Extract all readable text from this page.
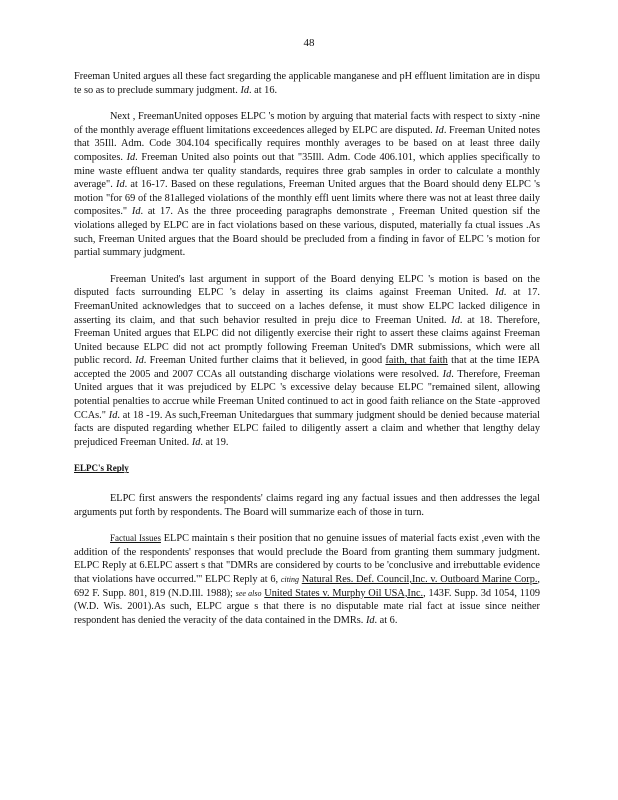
48

Freeman United argues all these fact sregarding the applicable manganese and pH effluent limitation are in dispu te so as to preclude summary judgment. Id. at 16.

Next , FreemanUnited opposes ELPC 's motion by arguing that material facts with respect to sixty -nine of the monthly average effluent limitations exceedences alleged by ELPC are disputed. Id. Freeman United notes that 35Ill. Adm. Code 304.104 specifically requires monthly averages to be based on at least three daily composites. Id. Freeman United also points out that "35Ill. Adm. Code 406.101, which applies specifically to mine waste effluent andwa ter quality standards, requires three grab samples in order to calculate a monthly average". Id. at 16-17. Based on these regulations, Freeman United argues that the Board should deny ELPC 's motion "for 69 of the 81alleged violations of the monthly effl uent limits where there was not at least three daily composites." Id. at 17. As the three proceeding paragraphs demonstrate , Freeman United question sif the violations alleged by ELPC are in fact violations based on these various, disputed, materially fa ctual issues .As such, Freeman United argues that the Board should be precluded from a finding in favor of ELPC 's motion for partial summary judgment.

Freeman United's last argument in support of the Board denying ELPC 's motion is based on the disputed facts surrounding ELPC 's delay in asserting its claims against Freeman United. Id. at 17. FreemanUnited acknowledges that to succeed on a laches defense, it must show ELPC lacked diligence in asserting its claim, and that such behavior resulted in preju dice to Freeman United. Id. at 18. Therefore, Freeman United argues that ELPC did not diligently exercise their right to assert these claims against Freeman United because ELPC did not act promptly following Freeman United's DMR submissions, which were all public record. Id. Freeman United further claims that it believed, in good faith, that faith that at the time IEPA accepted the 2005 and 2007 CCAs all outstanding discharge violations were resolved. Id. Therefore, Freeman United argues that it was prejudiced by ELPC 's excessive delay because ELPC "remained silent, allowing potential penalties to accrue while Freeman United continued to act in good faith reliance on the State -approved CCAs." Id. at 18 -19. As such,Freeman Unitedargues that summary judgment should be denied because material facts are disputed regarding whether ELPC failed to diligently assert a claim and whether that lengthy delay prejudiced Freeman United. Id. at 19.

ELPC's Reply

ELPC first answers the respondents' claims regard ing any factual issues and then addresses the legal arguments put forth by respondents. The Board will summarize each of those in turn.

Factual Issues ELPC maintain s their position that no genuine issues of material facts exist ,even with the addition of the respondents' responses that would preclude the Board from granting them summary judgment. ELPC Reply at 6.ELPC assert s that "DMRs are considered by courts to be 'conclusive and irrebuttable evidence that violations have occurred.'" ELPC Reply at 6, citing Natural Res. Def. Council,Inc. v. Outboard Marine Corp., 692 F. Supp. 801, 819 (N.D.Ill. 1988); see also United States v. Murphy Oil USA,Inc., 143F. Supp. 3d 1054, 1109 (W.D. Wis. 2001).As such, ELPC argue s that there is no disputable mate rial fact at issue since neither respondent has denied the veracity of the data contained in the DMRs. Id. at 6.
